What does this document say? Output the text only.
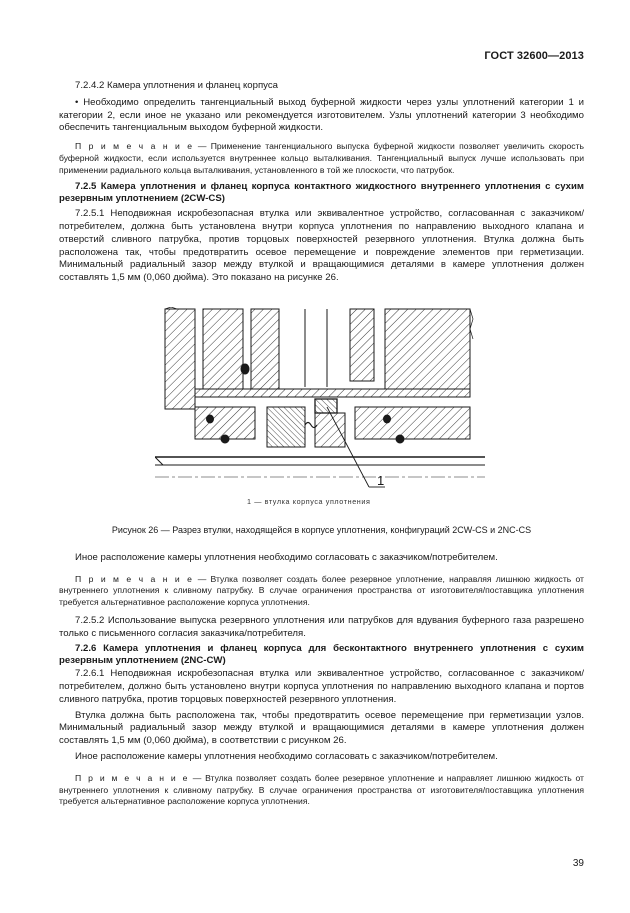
ГОСТ 32600—2013

7.2.4.2 Камера уплотнения и фланец корпуса

• Необходимо определить тангенциальный выход буферной жидкости через узлы уплотнений категории 1 и категории 2, если иное не указано или рекомендуется изготовителем. Узлы уплотнений категории 3 необходимо обеспечить тангенциальным выходом буферной жидкости.

П р и м е ч а н и е — Применение тангенциального выпуска буферной жидкости позволяет увеличить скорость буферной жидкости, если используется внутреннее кольцо выталкивания. Тангенциальный выпуск лучше использовать при применении радиального кольца выталкивания, установленного в той же плоскости, что патрубок.

7.2.5 Камера уплотнения и фланец корпуса контактного жидкостного внутреннего уплотнения с сухим резервным уплотнением (2CW-CS)

7.2.5.1 Неподвижная искробезопасная втулка или эквивалентное устройство, согласованная с заказчиком/потребителем, должна быть установлена внутри корпуса уплотнения по направлению выходного клапана и отверстий сливного патрубка, против торцовых поверхностей резервного уплотнения. Втулка должна быть расположена так, чтобы предотвратить осевое перемещение и повреждение элементов при герметизации. Минимальный радиальный зазор между втулкой и вращающимися деталями в камере уплотнения должен составлять 1,5 мм (0,060 дюйма). Это показано на рисунке 26.

1
1 — втулка корпуса уплотнения

Рисунок 26 — Разрез втулки, находящейся в корпусе уплотнения, конфигураций 2CW-CS и 2NC-CS

Иное расположение камеры уплотнения необходимо согласовать с заказчиком/потребителем.

П р и м е ч а н и е — Втулка позволяет создать более резервное уплотнение, направляя лишнюю жидкость от внутреннего уплотнения к сливному патрубку. В случае ограничения пространства от изготовителя/поставщика уплотнения требуется альтернативное расположение корпуса уплотнения.

7.2.5.2 Использование выпуска резервного уплотнения или патрубков для вдувания буферного газа разрешено только с письменного согласия заказчика/потребителя.

7.2.6 Камера уплотнения и фланец корпуса для бесконтактного внутреннего уплотнения с сухим резервным уплотнением (2NC-CW)

7.2.6.1 Неподвижная искробезопасная втулка или эквивалентное устройство, согласованное с заказчиком/потребителем, должно быть установлено внутри корпуса уплотнения по направлению выходного клапана и портов сливного патрубка, против торцовых поверхностей резервного уплотнения.

Втулка должна быть расположена так, чтобы предотвратить осевое перемещение при герметизации узлов. Минимальный радиальный зазор между втулкой и вращающимися деталями в камере уплотнения должен составлять 1,5 мм (0,060 дюйма), в соответствии с рисунком 26.

Иное расположение камеры уплотнения необходимо согласовать с заказчиком/потребителем.

П р и м е ч а н и е — Втулка позволяет создать более резервное уплотнение и направляет лишнюю жидкость от внутреннего уплотнения к сливному патрубку. В случае ограничения пространства от изготовителя/поставщика уплотнения требуется альтернативное расположение корпуса уплотнения.

39
